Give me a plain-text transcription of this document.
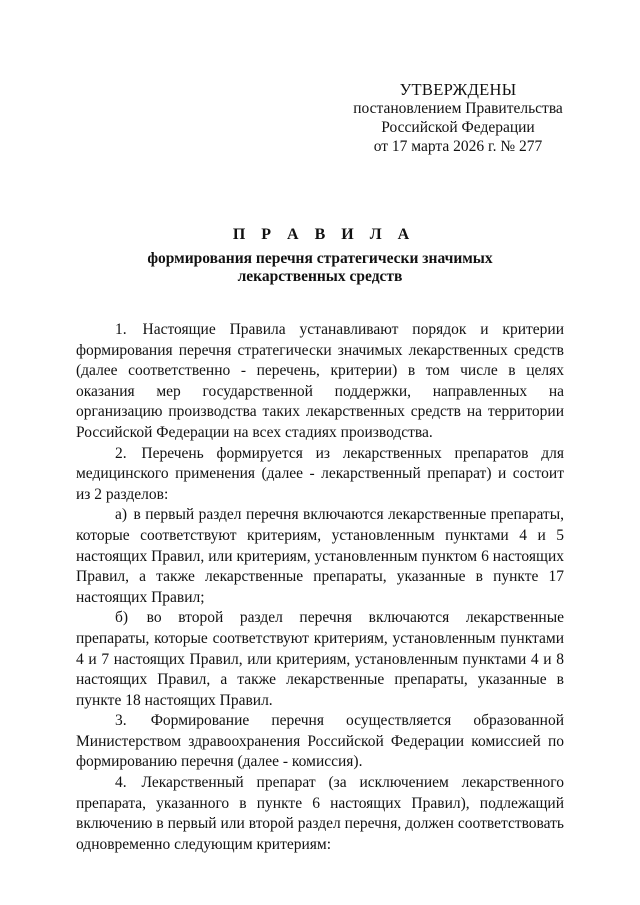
УТВЕРЖДЕНЫ
постановлением Правительства
Российской Федерации
от 17 марта 2026 г. № 277
П Р А В И Л А
формирования перечня стратегически значимых
лекарственных средств

1. Настоящие Правила устанавливают порядок и критерии формирования перечня стратегически значимых лекарственных средств (далее соответственно - перечень, критерии) в том числе в целях оказания мер государственной поддержки, направленных на организацию производства таких лекарственных средств на территории Российской Федерации на всех стадиях производства.

2. Перечень формируется из лекарственных препаратов для медицинского применения (далее - лекарственный препарат) и состоит из 2 разделов:

а) в первый раздел перечня включаются лекарственные препараты, которые соответствуют критериям, установленным пунктами 4 и 5 настоящих Правил, или критериям, установленным пунктом 6 настоящих Правил, а также лекарственные препараты, указанные в пункте 17 настоящих Правил;

б) во второй раздел перечня включаются лекарственные препараты, которые соответствуют критериям, установленным пунктами 4 и 7 настоящих Правил, или критериям, установленным пунктами 4 и 8 настоящих Правил, а также лекарственные препараты, указанные в пункте 18 настоящих Правил.

3. Формирование перечня осуществляется образованной Министерством здравоохранения Российской Федерации комиссией по формированию перечня (далее - комиссия).

4. Лекарственный препарат (за исключением лекарственного препарата, указанного в пункте 6 настоящих Правил), подлежащий включению в первый или второй раздел перечня, должен соответствовать одновременно следующим критериям:
